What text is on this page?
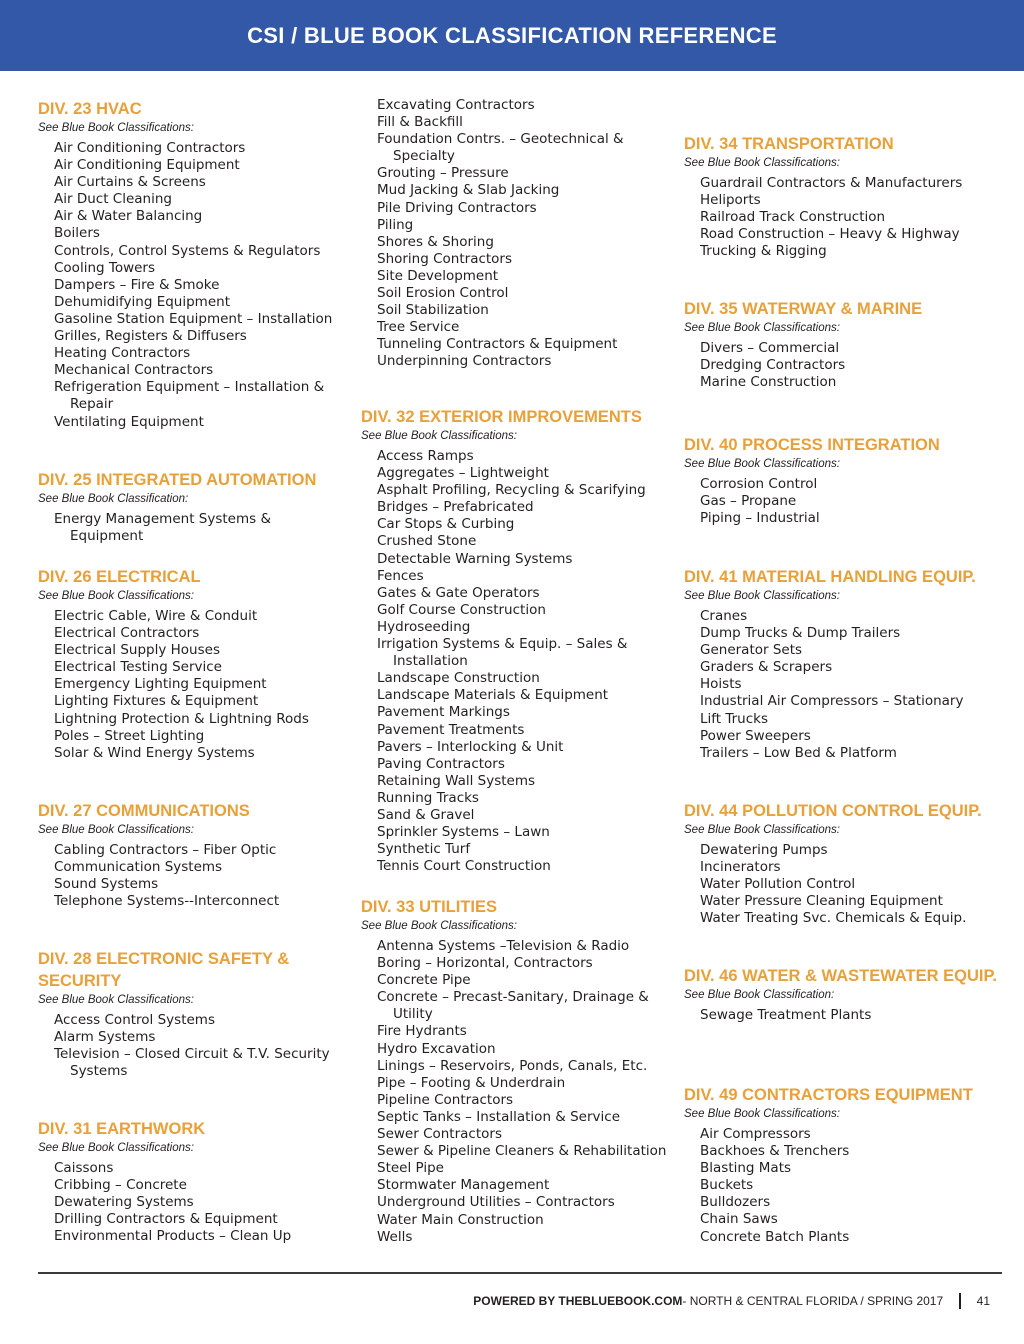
CSI / BLUE BOOK CLASSIFICATION REFERENCE
DIV. 23 HVAC
See Blue Book Classifications:
Air Conditioning Contractors
Air Conditioning Equipment
Air Curtains & Screens
Air Duct Cleaning
Air & Water Balancing
Boilers
Controls, Control Systems & Regulators
Cooling Towers
Dampers – Fire & Smoke
Dehumidifying Equipment
Gasoline Station Equipment – Installation
Grilles, Registers & Diffusers
Heating Contractors
Mechanical Contractors
Refrigeration Equipment – Installation & Repair
Ventilating Equipment
DIV. 25 INTEGRATED AUTOMATION
See Blue Book Classification:
Energy Management Systems & Equipment
DIV. 26 ELECTRICAL
See Blue Book Classifications:
Electric Cable, Wire & Conduit
Electrical Contractors
Electrical Supply Houses
Electrical Testing Service
Emergency Lighting Equipment
Lighting Fixtures & Equipment
Lightning Protection & Lightning Rods
Poles – Street Lighting
Solar & Wind Energy Systems
DIV. 27 COMMUNICATIONS
See Blue Book Classifications:
Cabling Contractors – Fiber Optic
Communication Systems
Sound Systems
Telephone Systems--Interconnect
DIV. 28 ELECTRONIC SAFETY & SECURITY
See Blue Book Classifications:
Access Control Systems
Alarm Systems
Television – Closed Circuit & T.V. Security Systems
DIV. 31 EARTHWORK
See Blue Book Classifications:
Caissons
Cribbing – Concrete
Dewatering Systems
Drilling Contractors & Equipment
Environmental Products – Clean Up
Excavating Contractors
Fill & Backfill
Foundation Contrs. – Geotechnical & Specialty
Grouting – Pressure
Mud Jacking & Slab Jacking
Pile Driving Contractors
Piling
Shores & Shoring
Shoring Contractors
Site Development
Soil Erosion Control
Soil Stabilization
Tree Service
Tunneling Contractors & Equipment
Underpinning Contractors
DIV. 32 EXTERIOR IMPROVEMENTS
See Blue Book Classifications:
Access Ramps
Aggregates – Lightweight
Asphalt Profiling, Recycling & Scarifying
Bridges – Prefabricated
Car Stops & Curbing
Crushed Stone
Detectable Warning Systems
Fences
Gates & Gate Operators
Golf Course Construction
Hydroseeding
Irrigation Systems & Equip. – Sales & Installation
Landscape Construction
Landscape Materials & Equipment
Pavement Markings
Pavement Treatments
Pavers – Interlocking & Unit
Paving Contractors
Retaining Wall Systems
Running Tracks
Sand & Gravel
Sprinkler Systems – Lawn
Synthetic Turf
Tennis Court Construction
DIV. 33 UTILITIES
See Blue Book Classifications:
Antenna Systems –Television & Radio
Boring – Horizontal, Contractors
Concrete Pipe
Concrete – Precast-Sanitary, Drainage & Utility
Fire Hydrants
Hydro Excavation
Linings – Reservoirs, Ponds, Canals, Etc.
Pipe – Footing & Underdrain
Pipeline Contractors
Septic Tanks – Installation & Service
Sewer Contractors
Sewer & Pipeline Cleaners & Rehabilitation
Steel Pipe
Stormwater Management
Underground Utilities – Contractors
Water Main Construction
Wells
DIV. 34 TRANSPORTATION
See Blue Book Classifications:
Guardrail Contractors & Manufacturers
Heliports
Railroad Track Construction
Road Construction – Heavy & Highway
Trucking & Rigging
DIV. 35 WATERWAY & MARINE
See Blue Book Classifications:
Divers – Commercial
Dredging Contractors
Marine Construction
DIV. 40 PROCESS INTEGRATION
See Blue Book Classifications:
Corrosion Control
Gas – Propane
Piping – Industrial
DIV. 41 MATERIAL HANDLING EQUIP.
See Blue Book Classifications:
Cranes
Dump Trucks & Dump Trailers
Generator Sets
Graders & Scrapers
Hoists
Industrial Air Compressors – Stationary
Lift Trucks
Power Sweepers
Trailers – Low Bed & Platform
DIV. 44 POLLUTION CONTROL EQUIP.
See Blue Book Classifications:
Dewatering Pumps
Incinerators
Water Pollution Control
Water Pressure Cleaning Equipment
Water Treating Svc. Chemicals & Equip.
DIV. 46 WATER & WASTEWATER EQUIP.
See Blue Book Classification:
Sewage Treatment Plants
DIV. 49 CONTRACTORS EQUIPMENT
See Blue Book Classifications:
Air Compressors
Backhoes & Trenchers
Blasting Mats
Buckets
Bulldozers
Chain Saws
Concrete Batch Plants
POWERED BY THEBLUEBOOK.COM - NORTH & CENTRAL FLORIDA / SPRING 2017	41
